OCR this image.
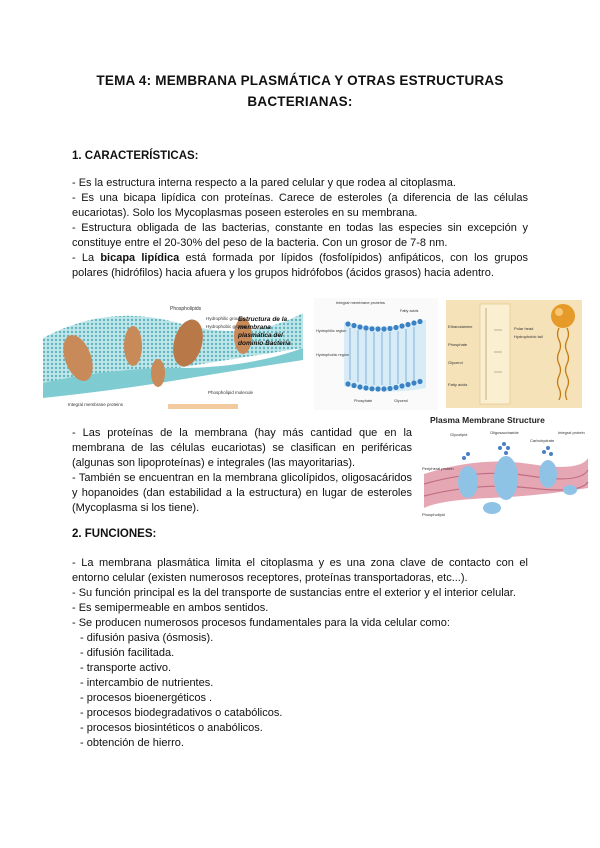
TEMA 4: MEMBRANA PLASMÁTICA Y OTRAS ESTRUCTURAS
BACTERIANAS:
1. CARACTERÍSTICAS:
- Es la estructura interna respecto a la pared celular y que rodea al citoplasma.
- Es una bicapa lipídica con proteínas. Carece de esteroles (a diferencia de las células eucariotas). Solo los Mycoplasmas poseen esteroles en su membrana.
- Estructura obligada de las bacterias, constante en todas las especies sin excepción y constituye entre el 20-30% del peso de la bacteria. Con un grosor de 7-8 nm.
- La bicapa lipídica está formada por lípidos (fosfolípidos) anfipáticos, con los grupos polares (hidrófilos) hacia afuera y los grupos hidrófobos (ácidos grasos) hacia adentro.
Phospholipids
Hydrophilic groups
Hydrophobic groups
Integral membrane proteins
Phospholipid molecule
Estructura de la membrana plasmática del dominio Bacteria
Integral membrane proteins
Hydrophilic region
Hydrophobic region
Fatty acids
Phosphate	Glycerol
Ethanolamine
Phosphate
Glycerol
Fatty acids
Polar head
Hydrophobic tail
- Las proteínas de la membrana (hay más cantidad que en la membrana de las células eucariotas) se clasifican en periféricas (algunas son lipoproteínas) e integrales (las mayoritarias).
- También se encuentran en la membrana glicolípidos, oligosacáridos y hopanoides (dan estabilidad a la estructura) en lugar de esteroles (Mycoplasma si los tiene).
Plasma Membrane Structure
Glycolipid	Oligosaccharide	Integral protein
Peripheral protein
Phospholipid
Carbohydrate
2. FUNCIONES:
- La membrana plasmática limita el citoplasma y es una zona clave de contacto con el entorno celular (existen numerosos receptores, proteínas transportadoras, etc...).
- Su función principal es la del transporte de sustancias entre el exterior y el interior celular.
- Es semipermeable en ambos sentidos.
- Se producen numerosos procesos fundamentales para la vida celular como:
- difusión pasiva (ósmosis).
- difusión facilitada.
- transporte activo.
- intercambio de nutrientes.
- procesos bioenergéticos .
- procesos biodegradativos o catabólicos.
- procesos biosintéticos o anabólicos.
- obtención de hierro.
